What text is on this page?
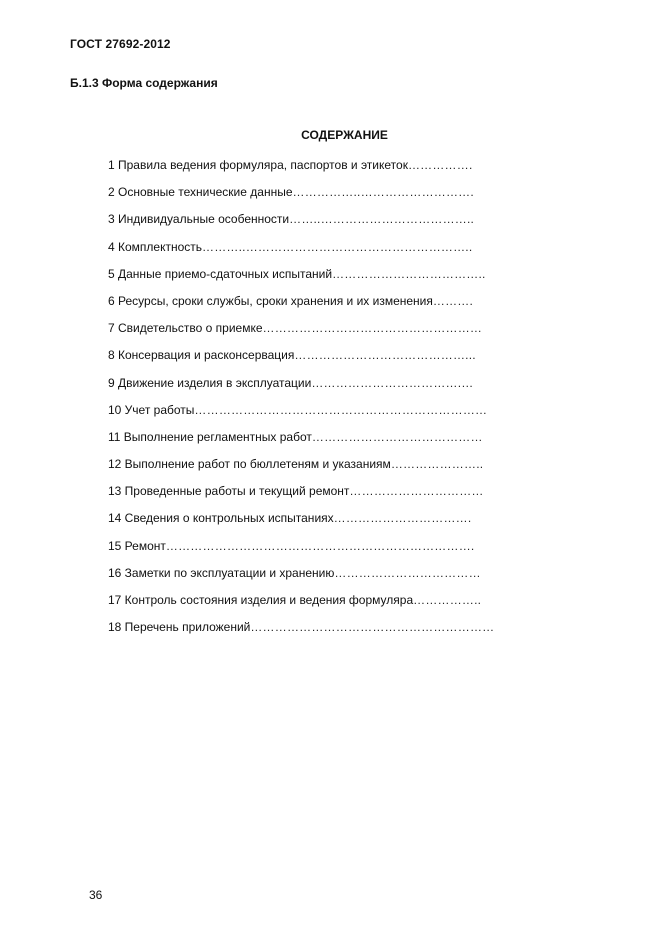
ГОСТ 27692-2012
Б.1.3 Форма содержания
СОДЕРЖАНИЕ
1 Правила ведения формуляра, паспортов и этикеток…………….
2 Основные технические данные……………..……………………….
3 Индивидуальные особенности……..………………………………..
4 Комплектность………..………………………………………………..
5 Данные приемо-сдаточных испытаний………………………………..
6 Ресурсы, сроки службы, сроки хранения и их изменения……….
7 Свидетельство о приемке………………………………………………
8 Консервация и расконсервация……………………………………...
9 Движение изделия в эксплуатации……………………………….…
10 Учет работы………………………………………………………………
11 Выполнение регламентных работ……………………………………
12 Выполнение работ по бюллетеням и указаниям…………………..
13 Проведенные работы и текущий ремонт……………………………
14 Сведения о контрольных испытаниях…………………………….
15 Ремонт………………………………………………………………….
16 Заметки по эксплуатации и хранению………………………………
17 Контроль состояния изделия и ведения формуляра……………..
18 Перечень приложений……………………………………………………
36
